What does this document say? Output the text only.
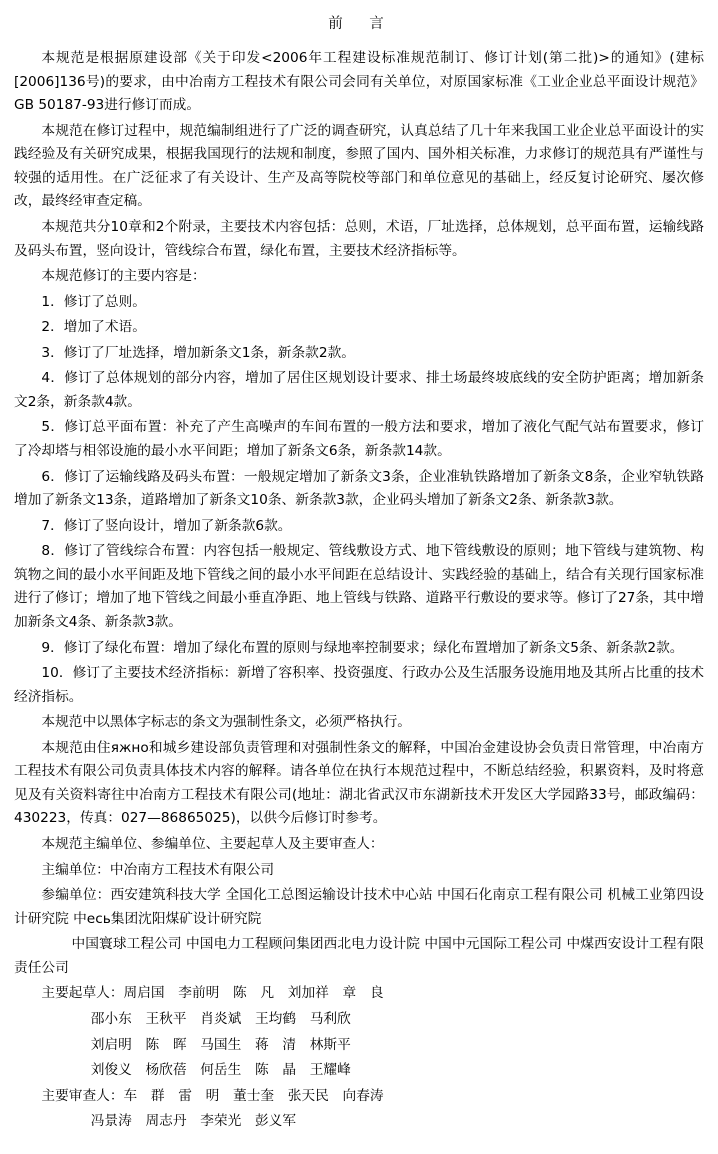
前　言

本规范是根据原建设部《关于印发<2006年工程建设标准规范制订、修订计划(第二批)>的通知》(建标[2006]136号)的要求，由中冶南方工程技术有限公司会同有关单位，对原国家标准《工业企业总平面设计规范》GB 50187-93进行修订而成。

本规范在修订过程中，规范编制组进行了广泛的调查研究，认真总结了几十年来我国工业企业总平面设计的实践经验及有关研究成果，根据我国现行的法规和制度，参照了国内、国外相关标准，力求修订的规范具有严谨性与较强的适用性。在广泛征求了有关设计、生产及高等院校等部门和单位意见的基础上，经反复讨论研究、屡次修改，最终经审查定稿。

本规范共分10章和2个附录，主要技术内容包括：总则，术语，厂址选择，总体规划，总平面布置，运输线路及码头布置，竖向设计，管线综合布置，绿化布置，主要技术经济指标等。

本规范修订的主要内容是：

1．修订了总则。

2．增加了术语。

3．修订了厂址选择，增加新条文1条，新条款2款。

4．修订了总体规划的部分内容，增加了居住区规划设计要求、排土场最终坡底线的安全防护距离；增加新条文2条，新条款4款。

5．修订总平面布置：补充了产生高噪声的车间布置的一般方法和要求，增加了液化气配气站布置要求，修订了冷却塔与相邻设施的最小水平间距；增加了新条文6条，新条款14款。

6．修订了运输线路及码头布置：一般规定增加了新条文3条，企业准轨铁路增加了新条文8条，企业窄轨铁路增加了新条文13条，道路增加了新条文10条、新条款3款，企业码头增加了新条文2条、新条款3款。

7．修订了竖向设计，增加了新条款6款。

8．修订了管线综合布置：内容包括一般规定、管线敷设方式、地下管线敷设的原则；地下管线与建筑物、构筑物之间的最小水平间距及地下管线之间的最小水平间距在总结设计、实践经验的基础上，结合有关现行国家标准进行了修订；增加了地下管线之间最小垂直净距、地上管线与铁路、道路平行敷设的要求等。修订了27条，其中增加新条文4条、新条款3款。

9．修订了绿化布置：增加了绿化布置的原则与绿地率控制要求；绿化布置增加了新条文5条、新条款2款。

10．修订了主要技术经济指标：新增了容积率、投资强度、行政办公及生活服务设施用地及其所占比重的技术经济指标。

本规范中以黑体字标志的条文为强制性条文，必须严格执行。

本规范由住яжно和城乡建设部负责管理和对强制性条文的解释，中国冶金建设协会负责日常管理，中冶南方工程技术有限公司负责具体技术内容的解释。请各单位在执行本规范过程中，不断总结经验，积累资料，及时将意见及有关资料寄往中冶南方工程技术有限公司(地址：湖北省武汉市东湖新技术开发区大学园路33号，邮政编码：430223，传真：027—86865025)，以供今后修订时参考。

本规范主编单位、参编单位、主要起草人及主要审查人：

主编单位：中冶南方工程技术有限公司

参编单位：西安建筑科技大学 全国化工总图运输设计技术中心站 中国石化南京工程有限公司 机械工业第四设计研究院 中есь集团沈阳煤矿设计研究院

中国寰球工程公司 中国电力工程顾问集团西北电力设计院 中国中元国际工程公司 中煤西安设计工程有限责任公司

主要起草人：周启国　李前明　陈　凡　刘加祥　章　良

邵小东　王秋平　肖炎斌　王均鹤　马利欣

刘启明　陈　晖　马国生　蒋　清　林斯平

刘俊义　杨欣蓓　何岳生　陈　晶　王耀峰

主要审查人：车　群　雷　明　董士奎　张天民　向春涛

冯景涛　周志丹　李荣光　彭义军
